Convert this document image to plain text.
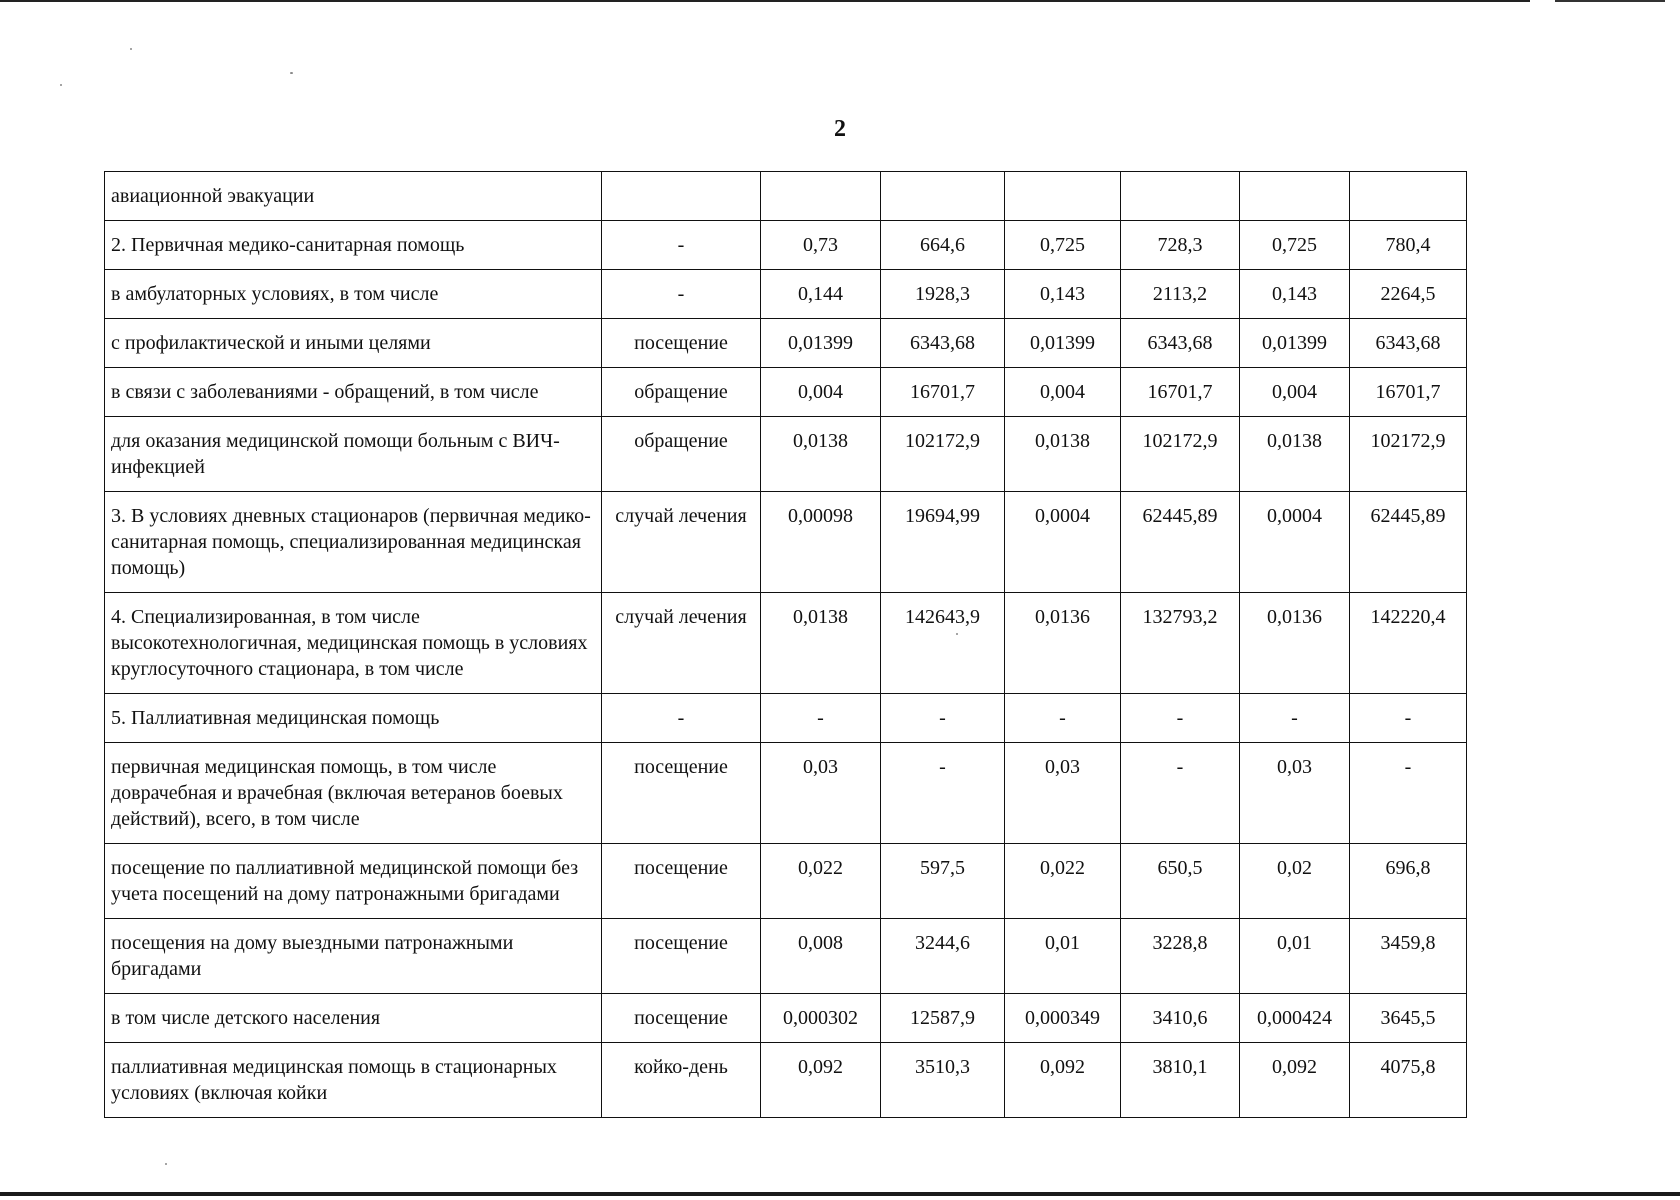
2
авиационной эвакуации							
2. Первичная медико-санитарная помощь	-	0,73	664,6	0,725	728,3	0,725	780,4
в амбулаторных условиях, в том числе	-	0,144	1928,3	0,143	2113,2	0,143	2264,5
с профилактической и иными целями	посещение	0,01399	6343,68	0,01399	6343,68	0,01399	6343,68
в связи с заболеваниями - обращений, в том числе	обращение	0,004	16701,7	0,004	16701,7	0,004	16701,7
для оказания медицинской помощи больным с ВИЧ-инфекцией	обращение	0,0138	102172,9	0,0138	102172,9	0,0138	102172,9
3. В условиях дневных стационаров (первичная медико-санитарная помощь, специализированная медицинская помощь)	случай лечения	0,00098	19694,99	0,0004	62445,89	0,0004	62445,89
4. Специализированная, в том числе высокотехнологичная, медицинская помощь в условиях круглосуточного стационара, в том числе	случай лечения	0,0138	142643,9	0,0136	132793,2	0,0136	142220,4
5. Паллиативная медицинская помощь	-	-	-	-	-	-	-
первичная медицинская помощь, в том числе доврачебная и врачебная (включая ветеранов боевых действий), всего, в том числе	посещение	0,03	-	0,03	-	0,03	-
посещение по паллиативной медицинской помощи без учета посещений на дому патронажными бригадами	посещение	0,022	597,5	0,022	650,5	0,02	696,8
посещения на дому выездными патронажными бригадами	посещение	0,008	3244,6	0,01	3228,8	0,01	3459,8
в том числе детского населения	посещение	0,000302	12587,9	0,000349	3410,6	0,000424	3645,5
паллиативная медицинская помощь в стационарных условиях (включая койки	койко-день	0,092	3510,3	0,092	3810,1	0,092	4075,8
